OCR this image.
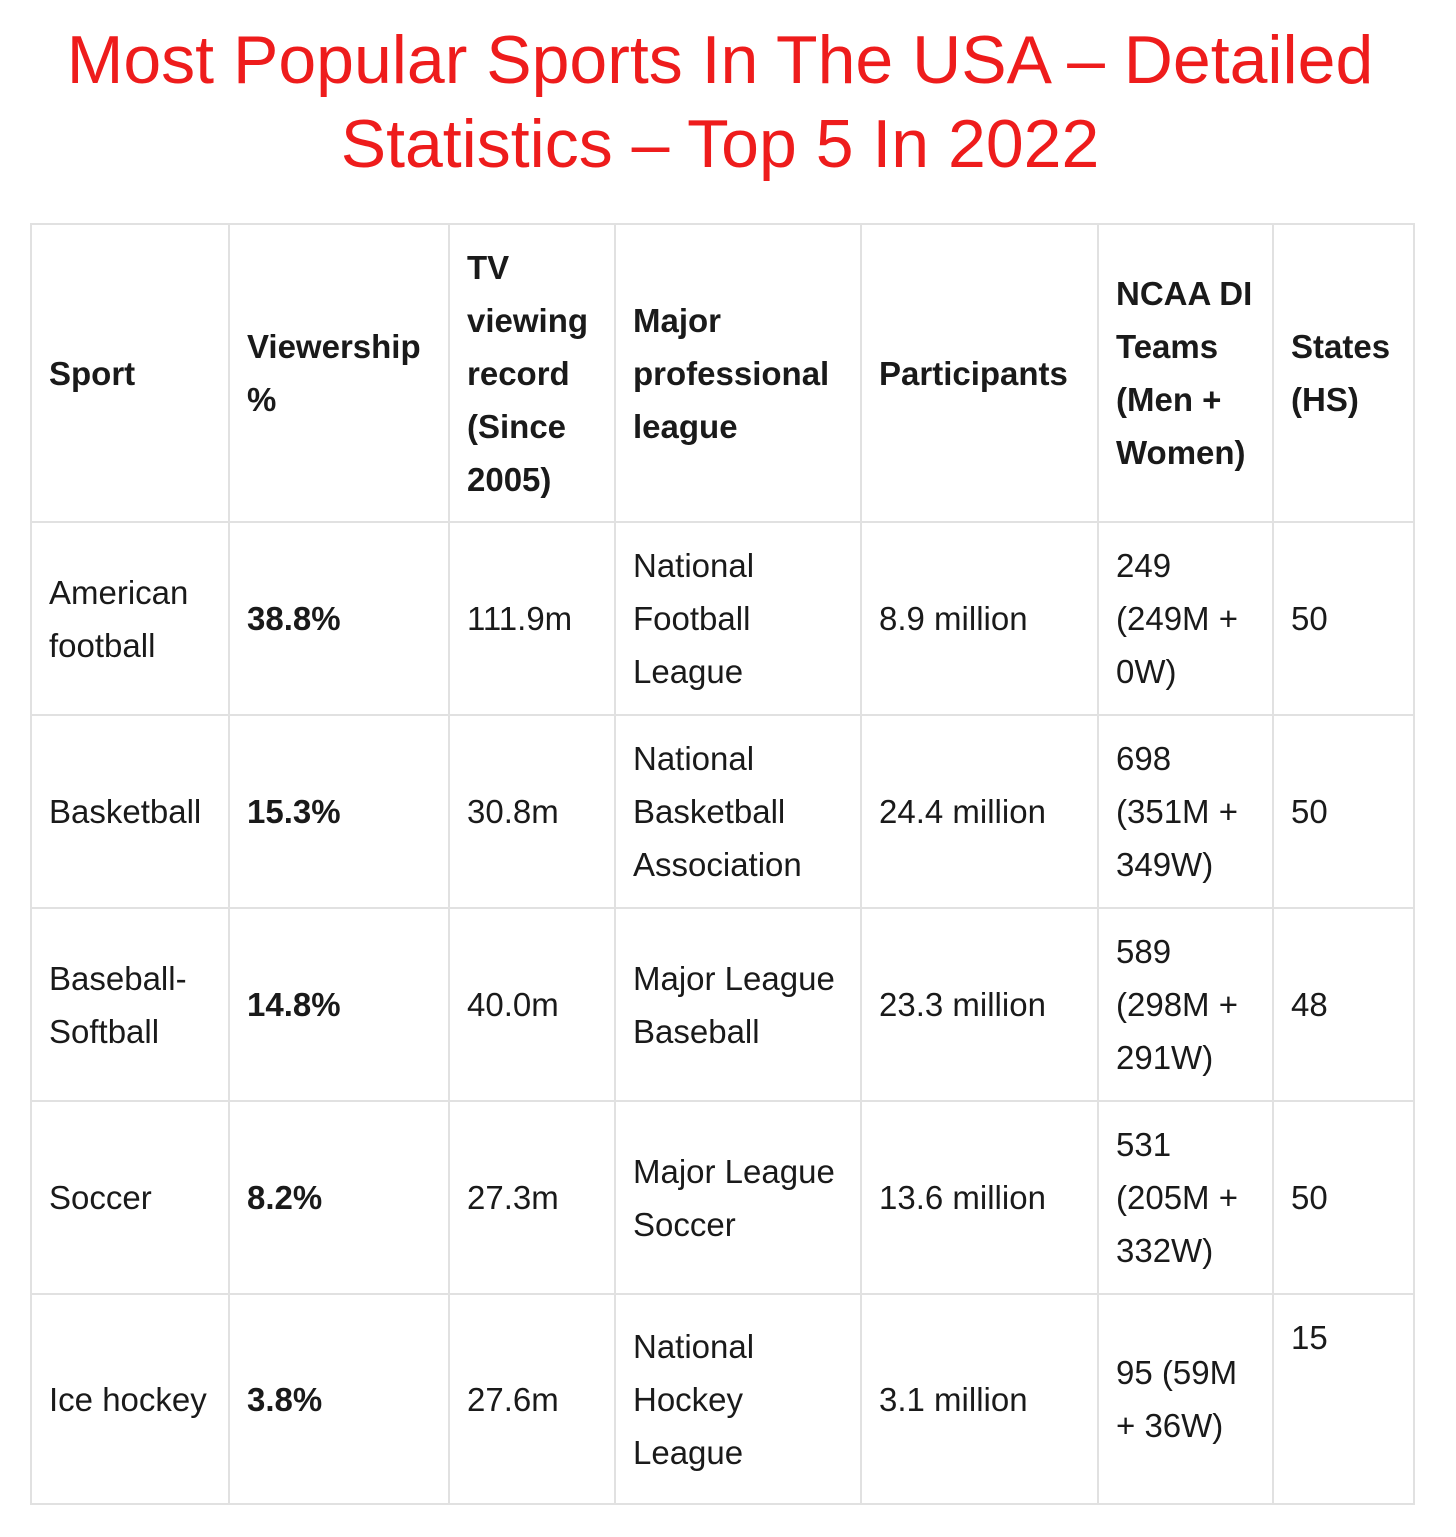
Most Popular Sports In The USA – Detailed Statistics – Top 5 In 2022
Sport	Viewership %	TV viewing record (Since 2005)	Major professional league	Participants	NCAA DI Teams (Men + Women)	States (HS)
American football	38.8%	111.9m	National Football League	8.9 million	249 (249M + 0W)	50
Basketball	15.3%	30.8m	National Basketball Association	24.4 million	698 (351M + 349W)	50
Baseball-Softball	14.8%	40.0m	Major League Baseball	23.3 million	589 (298M + 291W)	48
Soccer	8.2%	27.3m	Major League Soccer	13.6 million	531 (205M + 332W)	50
Ice hockey	3.8%	27.6m	National Hockey League	3.1 million	95 (59M + 36W)	15
